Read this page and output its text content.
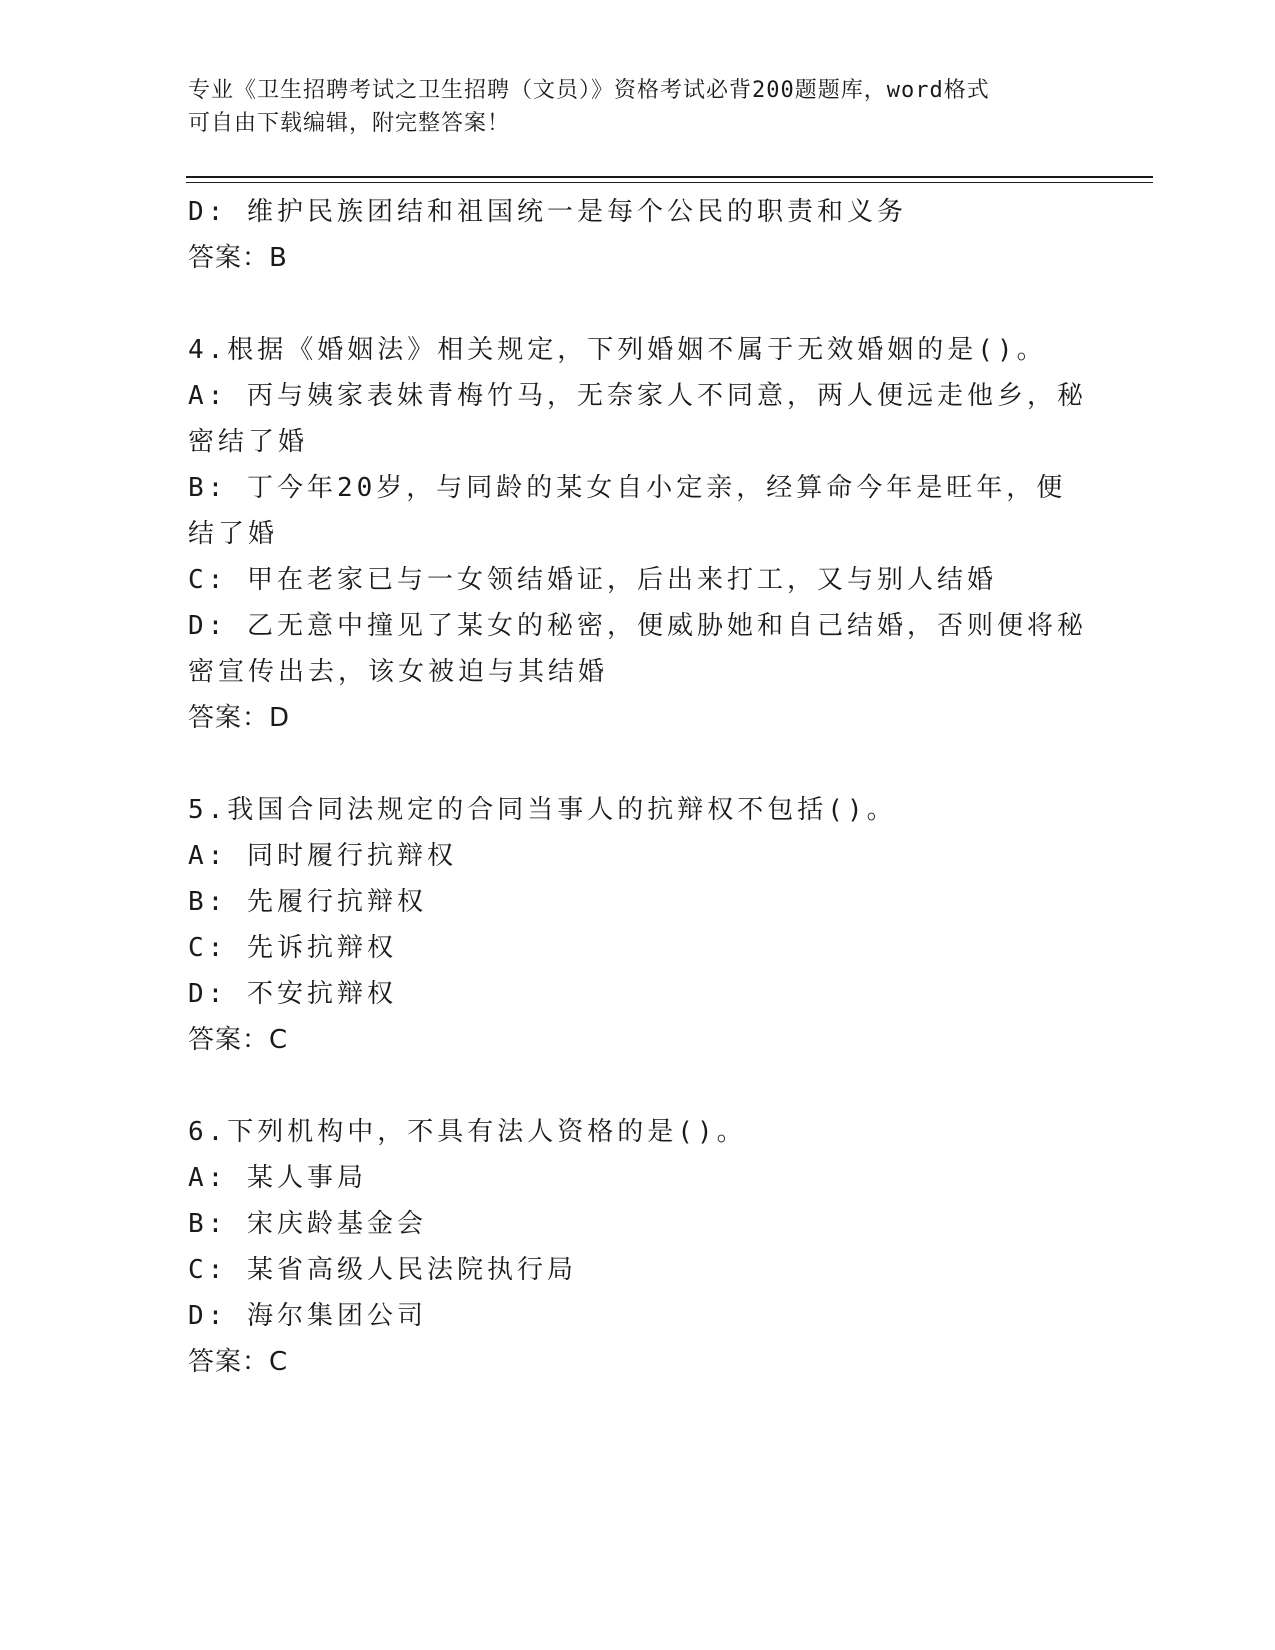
专业《卫生招聘考试之卫生招聘（文员）》资格考试必背200题题库，word格式
可自由下载编辑，附完整答案！
D: 维护民族团结和祖国统一是每个公民的职责和义务
答案：B
4.根据《婚姻法》相关规定，下列婚姻不属于无效婚姻的是()。
A: 丙与姨家表妹青梅竹马，无奈家人不同意，两人便远走他乡，秘密结了婚
B: 丁今年20岁，与同龄的某女自小定亲，经算命今年是旺年，便结了婚
C: 甲在老家已与一女领结婚证，后出来打工，又与别人结婚
D: 乙无意中撞见了某女的秘密，便威胁她和自己结婚，否则便将秘密宣传出去，该女被迫与其结婚
答案：D
5.我国合同法规定的合同当事人的抗辩权不包括()。
A: 同时履行抗辩权
B: 先履行抗辩权
C: 先诉抗辩权
D: 不安抗辩权
答案：C
6.下列机构中，不具有法人资格的是()。
A: 某人事局
B: 宋庆龄基金会
C: 某省高级人民法院执行局
D: 海尔集团公司
答案：C
